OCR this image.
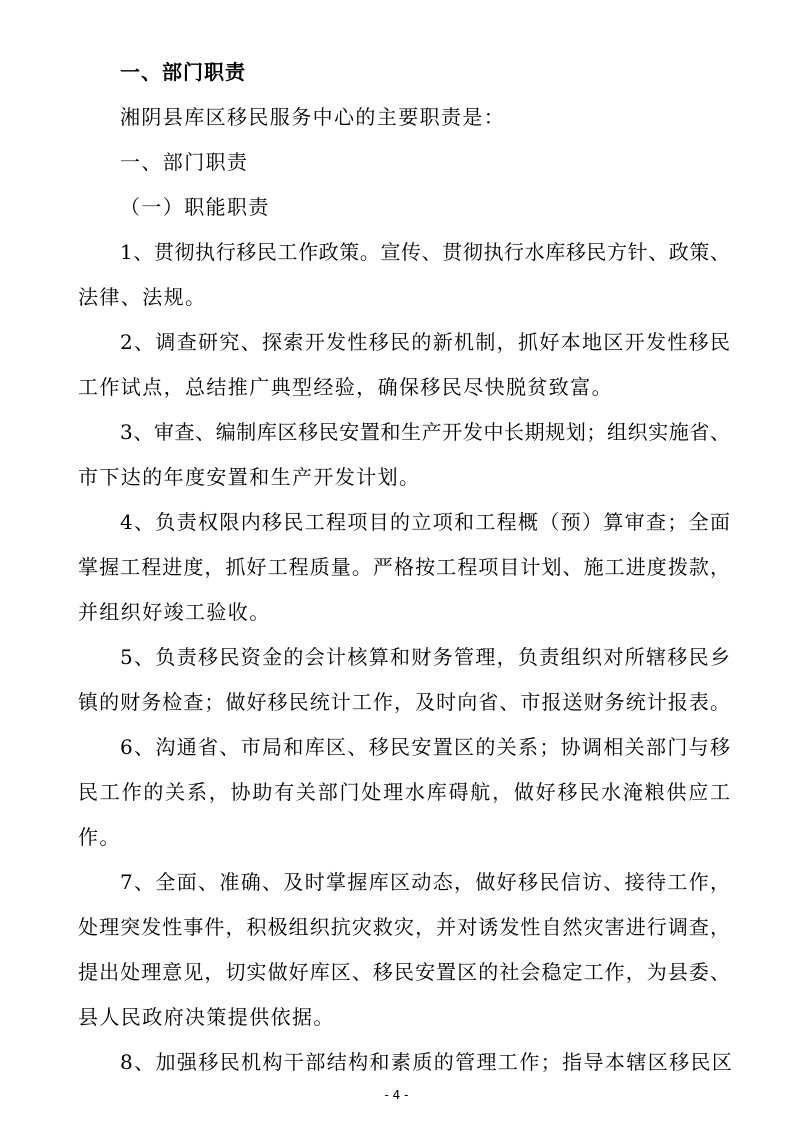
一、部门职责
湘阴县库区移民服务中心的主要职责是：
一、部门职责
（一）职能职责
1、贯彻执行移民工作政策。宣传、贯彻执行水库移民方针、政策、
法律、法规。
2、调查研究、探索开发性移民的新机制，抓好本地区开发性移民
工作试点，总结推广典型经验，确保移民尽快脱贫致富。
3、审查、编制库区移民安置和生产开发中长期规划；组织实施省、
市下达的年度安置和生产开发计划。
4、负责权限内移民工程项目的立项和工程概（预）算审查；全面
掌握工程进度，抓好工程质量。严格按工程项目计划、施工进度拨款，
并组织好竣工验收。
5、负责移民资金的会计核算和财务管理，负责组织对所辖移民乡
镇的财务检查；做好移民统计工作，及时向省、市报送财务统计报表。
6、沟通省、市局和库区、移民安置区的关系；协调相关部门与移
民工作的关系，协助有关部门处理水库碍航，做好移民水淹粮供应工
作。
7、全面、准确、及时掌握库区动态，做好移民信访、接待工作，
处理突发性事件，积极组织抗灾救灾，并对诱发性自然灾害进行调查，
提出处理意见，切实做好库区、移民安置区的社会稳定工作，为县委、
县人民政府决策提供依据。
8、加强移民机构干部结构和素质的管理工作；指导本辖区移民区
- 4 -
